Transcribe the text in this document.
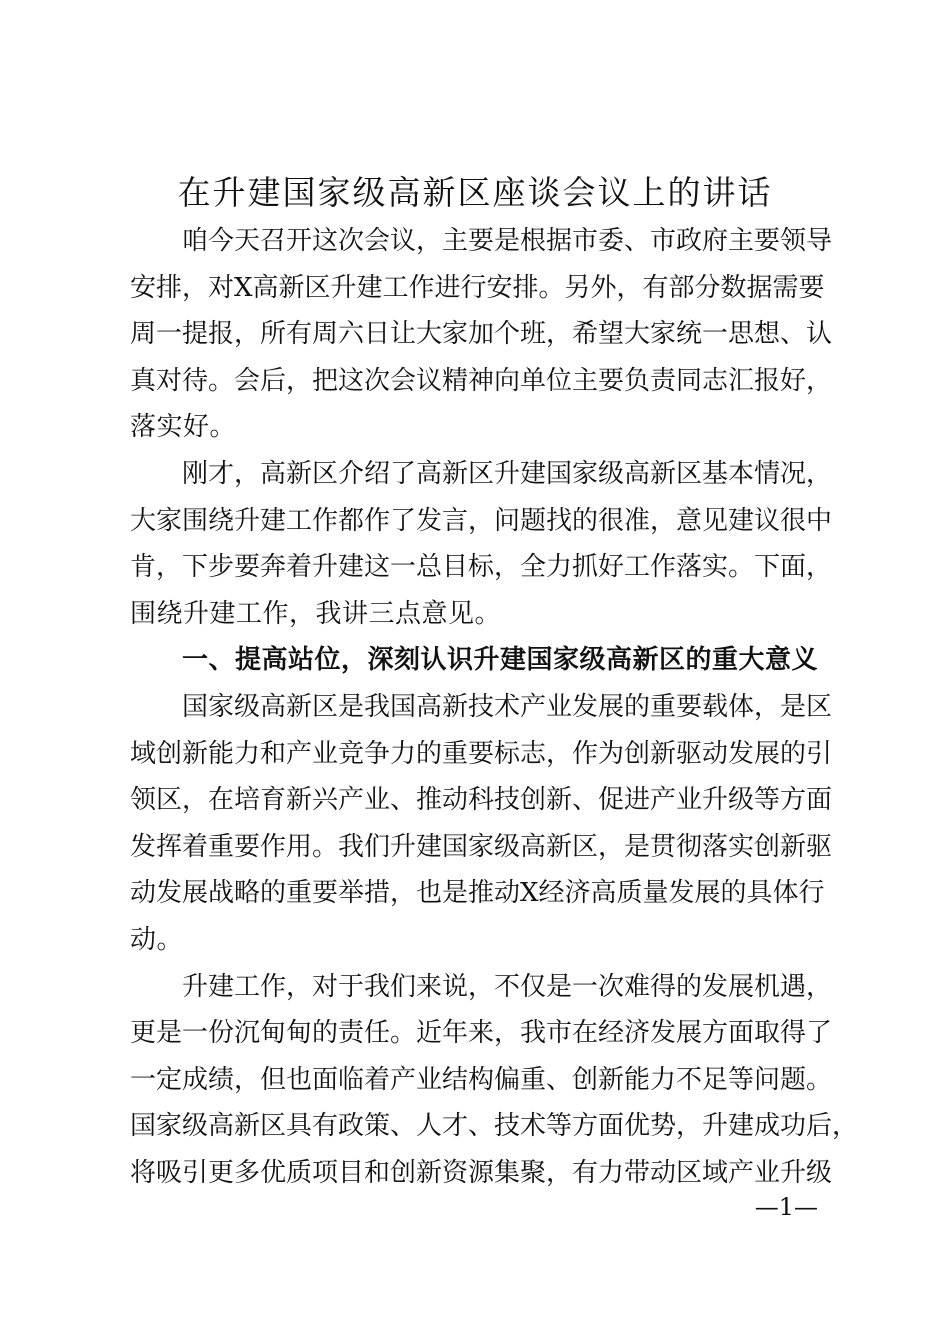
在升建国家级高新区座谈会议上的讲话
咱今天召开这次会议，主要是根据市委、市政府主要领导
安排，对X高新区升建工作进行安排。另外，有部分数据需要
周一提报，所有周六日让大家加个班，希望大家统一思想、认
真对待。会后，把这次会议精神向单位主要负责同志汇报好，
落实好。
刚才，高新区介绍了高新区升建国家级高新区基本情况，
大家围绕升建工作都作了发言，问题找的很准，意见建议很中
肯，下步要奔着升建这一总目标，全力抓好工作落实。下面，
围绕升建工作，我讲三点意见。
一、提高站位，深刻认识升建国家级高新区的重大意义
国家级高新区是我国高新技术产业发展的重要载体，是区
域创新能力和产业竞争力的重要标志，作为创新驱动发展的引
领区，在培育新兴产业、推动科技创新、促进产业升级等方面
发挥着重要作用。我们升建国家级高新区，是贯彻落实创新驱
动发展战略的重要举措，也是推动X经济高质量发展的具体行
动。
升建工作，对于我们来说，不仅是一次难得的发展机遇，
更是一份沉甸甸的责任。近年来，我市在经济发展方面取得了
一定成绩，但也面临着产业结构偏重、创新能力不足等问题。
国家级高新区具有政策、人才、技术等方面优势，升建成功后，
将吸引更多优质项目和创新资源集聚，有力带动区域产业升级
—1—
